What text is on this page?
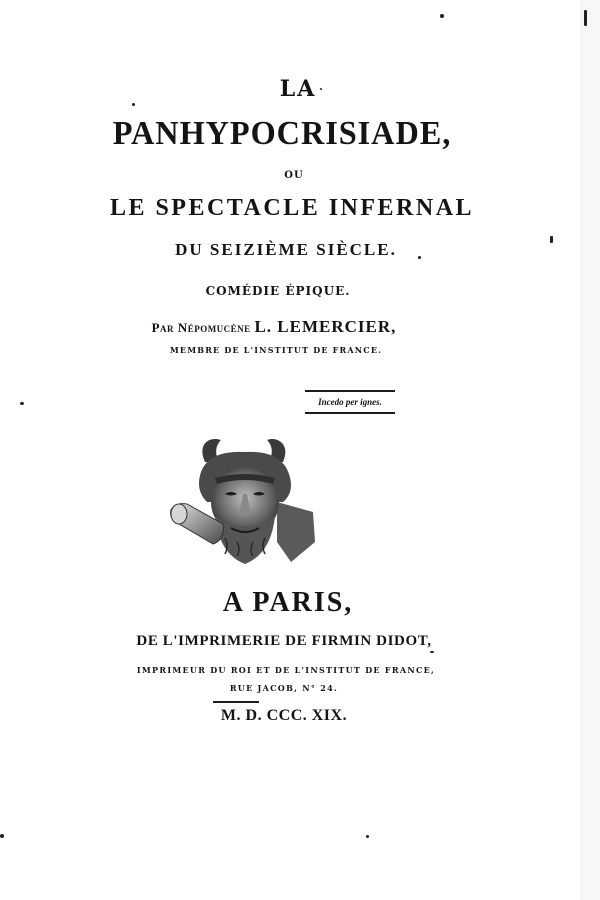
LA
PANHYPOCRISIADE,
OU
LE SPECTACLE INFERNAL
DU SEIZIÈME SIÈCLE.
COMÉDIE ÉPIQUE.
Par Népomucène L. LEMERCIER,
MEMBRE DE L'INSTITUT DE FRANCE.
Incedo per ignes.
A PARIS,
DE L'IMPRIMERIE DE FIRMIN DIDOT,
IMPRIMEUR DU ROI ET DE L'INSTITUT DE FRANCE,
RUE JACOB, N° 24.
M. D. CCC. XIX.
